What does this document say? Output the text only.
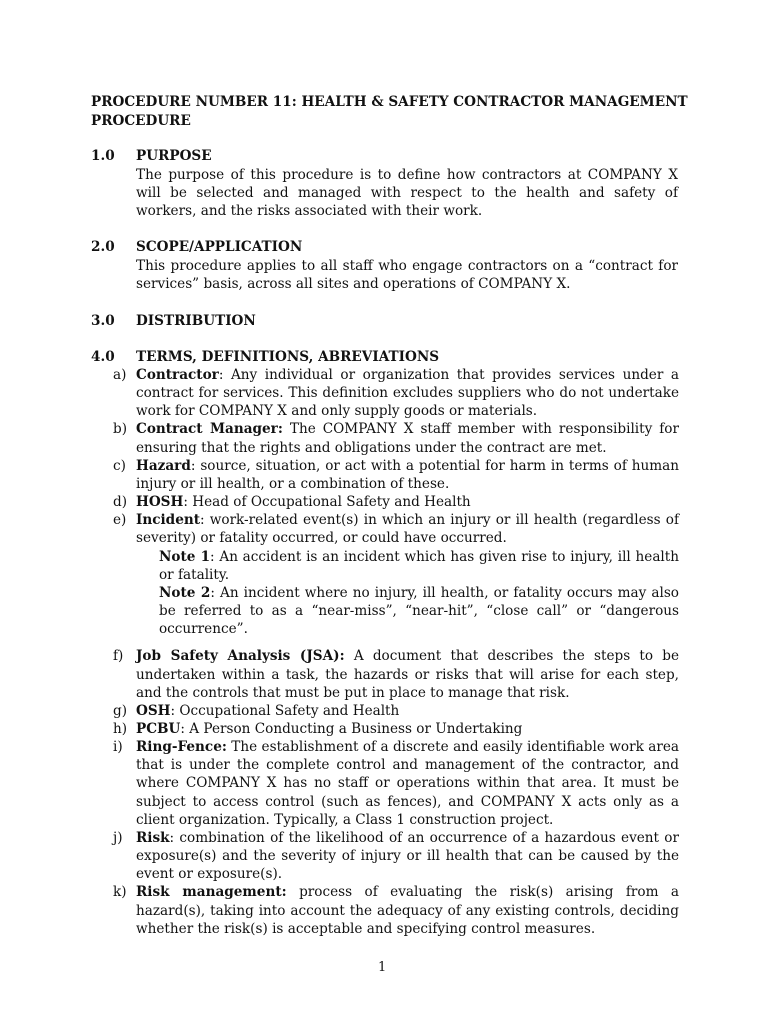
PROCEDURE NUMBER 11: HEALTH & SAFETY CONTRACTOR MANAGEMENT PROCEDURE
1.0 PURPOSE
The purpose of this procedure is to define how contractors at COMPANY X will be selected and managed with respect to the health and safety of workers, and the risks associated with their work.
2.0 SCOPE/APPLICATION
This procedure applies to all staff who engage contractors on a “contract for services” basis, across all sites and operations of COMPANY X.
3.0 DISTRIBUTION
4.0 TERMS, DEFINITIONS, ABREVIATIONS
a) Contractor: Any individual or organization that provides services under a contract for services. This definition excludes suppliers who do not undertake work for COMPANY X and only supply goods or materials.
b) Contract Manager: The COMPANY X staff member with responsibility for ensuring that the rights and obligations under the contract are met.
c) Hazard: source, situation, or act with a potential for harm in terms of human injury or ill health, or a combination of these.
d) HOSH: Head of Occupational Safety and Health
e) Incident: work-related event(s) in which an injury or ill health (regardless of severity) or fatality occurred, or could have occurred.
Note 1: An accident is an incident which has given rise to injury, ill health or fatality.
Note 2: An incident where no injury, ill health, or fatality occurs may also be referred to as a “near-miss”, “near-hit”, “close call” or “dangerous occurrence”.
f) Job Safety Analysis (JSA): A document that describes the steps to be undertaken within a task, the hazards or risks that will arise for each step, and the controls that must be put in place to manage that risk.
g) OSH: Occupational Safety and Health
h) PCBU: A Person Conducting a Business or Undertaking
i) Ring-Fence: The establishment of a discrete and easily identifiable work area that is under the complete control and management of the contractor, and where COMPANY X has no staff or operations within that area. It must be subject to access control (such as fences), and COMPANY X acts only as a client organization. Typically, a Class 1 construction project.
j) Risk: combination of the likelihood of an occurrence of a hazardous event or exposure(s) and the severity of injury or ill health that can be caused by the event or exposure(s).
k) Risk management: process of evaluating the risk(s) arising from a hazard(s), taking into account the adequacy of any existing controls, deciding whether the risk(s) is acceptable and specifying control measures.
1
